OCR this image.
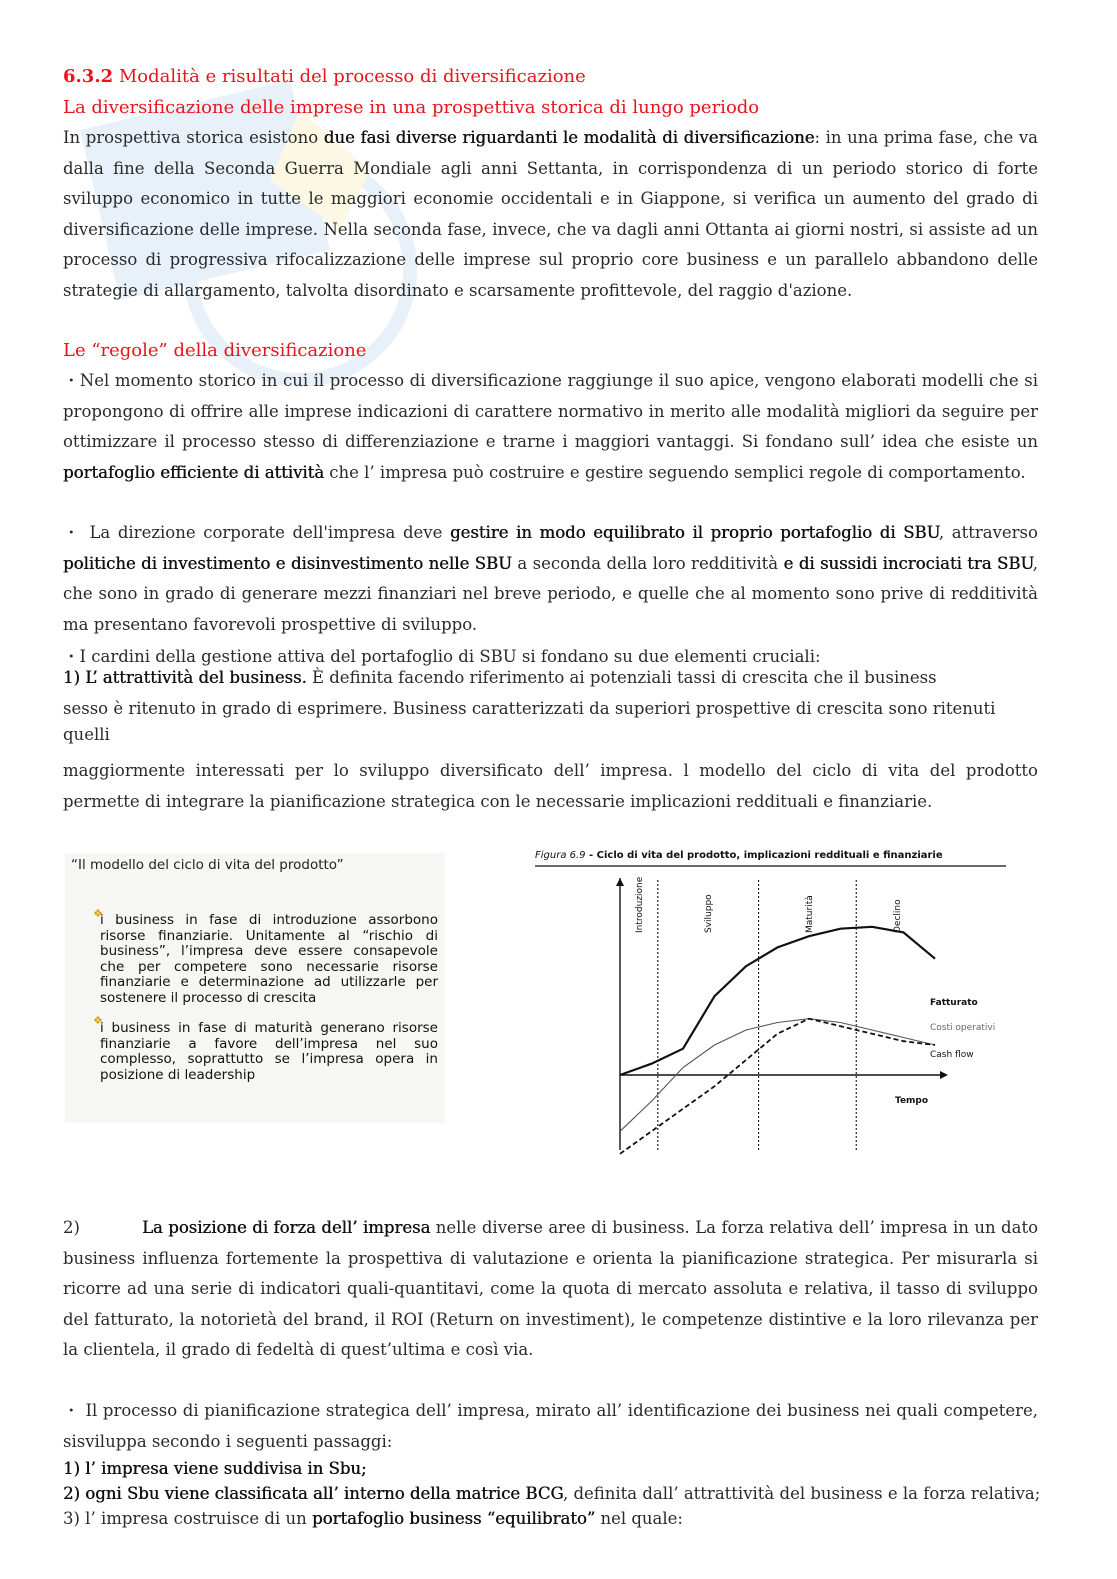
6.3.2 Modalità e risultati del processo di diversificazione
La diversificazione delle imprese in una prospettiva storica di lungo periodo
In prospettiva storica esistono due fasi diverse riguardanti le modalità di diversificazione: in una prima fase, che va dalla fine della Seconda Guerra Mondiale agli anni Settanta, in corrispondenza di un periodo storico di forte sviluppo economico in tutte le maggiori economie occidentali e in Giappone, si verifica un aumento del grado di diversificazione delle imprese. Nella seconda fase, invece, che va dagli anni Ottanta ai giorni nostri, si assiste ad un processo di progressiva rifocalizzazione delle imprese sul proprio core business e un parallelo abbandono delle strategie di allargamento, talvolta disordinato e scarsamente profittevole, del raggio d'azione.
Le “regole” della diversificazione
・Nel momento storico in cui il processo di diversificazione raggiunge il suo apice, vengono elaborati modelli che si propongono di offrire alle imprese indicazioni di carattere normativo in merito alle modalità migliori da seguire per ottimizzare il processo stesso di differenziazione e trarne i maggiori vantaggi. Si fondano sull’ idea che esiste un portafoglio efficiente di attività che l’ impresa può costruire e gestire seguendo semplici regole di comportamento.
・ La direzione corporate dell'impresa deve gestire in modo equilibrato il proprio portafoglio di SBU, attraverso politiche di investimento e disinvestimento nelle SBU a seconda della loro redditività e di sussidi incrociati tra SBU, che sono in grado di generare mezzi finanziari nel breve periodo, e quelle che al momento sono prive di redditività ma presentano favorevoli prospettive di sviluppo.
・I cardini della gestione attiva del portafoglio di SBU si fondano su due elementi cruciali:
1) L’ attrattività del business. È definita facendo riferimento ai potenziali tassi di crescita che il business
sesso è ritenuto in grado di esprimere. Business caratterizzati da superiori prospettive di crescita sono ritenuti
quelli
maggiormente interessati per lo sviluppo diversificato dell’ impresa. l modello del ciclo di vita del prodotto permette di integrare la pianificazione strategica con le necessarie implicazioni reddituali e finanziarie.
“Il modello del ciclo di vita del prodotto”
❖
i business in fase di introduzione assorbono risorse finanziarie. Unitamente al “rischio di business”, l’impresa deve essere consapevole che per competere sono necessarie risorse finanziarie e determinazione ad utilizzarle per sostenere il processo di crescita
❖
i business in fase di maturità generano risorse finanziarie a favore dell’impresa nel suo complesso, soprattutto se l’impresa opera in posizione di leadership
Figura 6.9 - Ciclo di vita del prodotto, implicazioni reddituali e finanziarie
Tempo
Introduzione	Sviluppo	Maturità	Declino
Fatturato
Costi operativi
Cash flow
2)	La posizione di forza dell’ impresa nelle diverse aree di business. La forza relativa dell’ impresa in un dato business influenza fortemente la prospettiva di valutazione e orienta la pianificazione strategica. Per misurarla si ricorre ad una serie di indicatori quali-quantitavi, come la quota di mercato assoluta e relativa, il tasso di sviluppo del fatturato, la notorietà del brand, il ROI (Return on investiment), le competenze distintive e la loro rilevanza per la clientela, il grado di fedeltà di quest’ultima e così via.
・ Il processo di pianificazione strategica dell’ impresa, mirato all’ identificazione dei business nei quali competere, sisviluppa secondo i seguenti passaggi:
1) l’ impresa viene suddivisa in Sbu;
2) ogni Sbu viene classificata all’ interno della matrice BCG, definita dall’ attrattività del business e la forza relativa;
3) l’ impresa costruisce di un portafoglio business “equilibrato” nel quale:
